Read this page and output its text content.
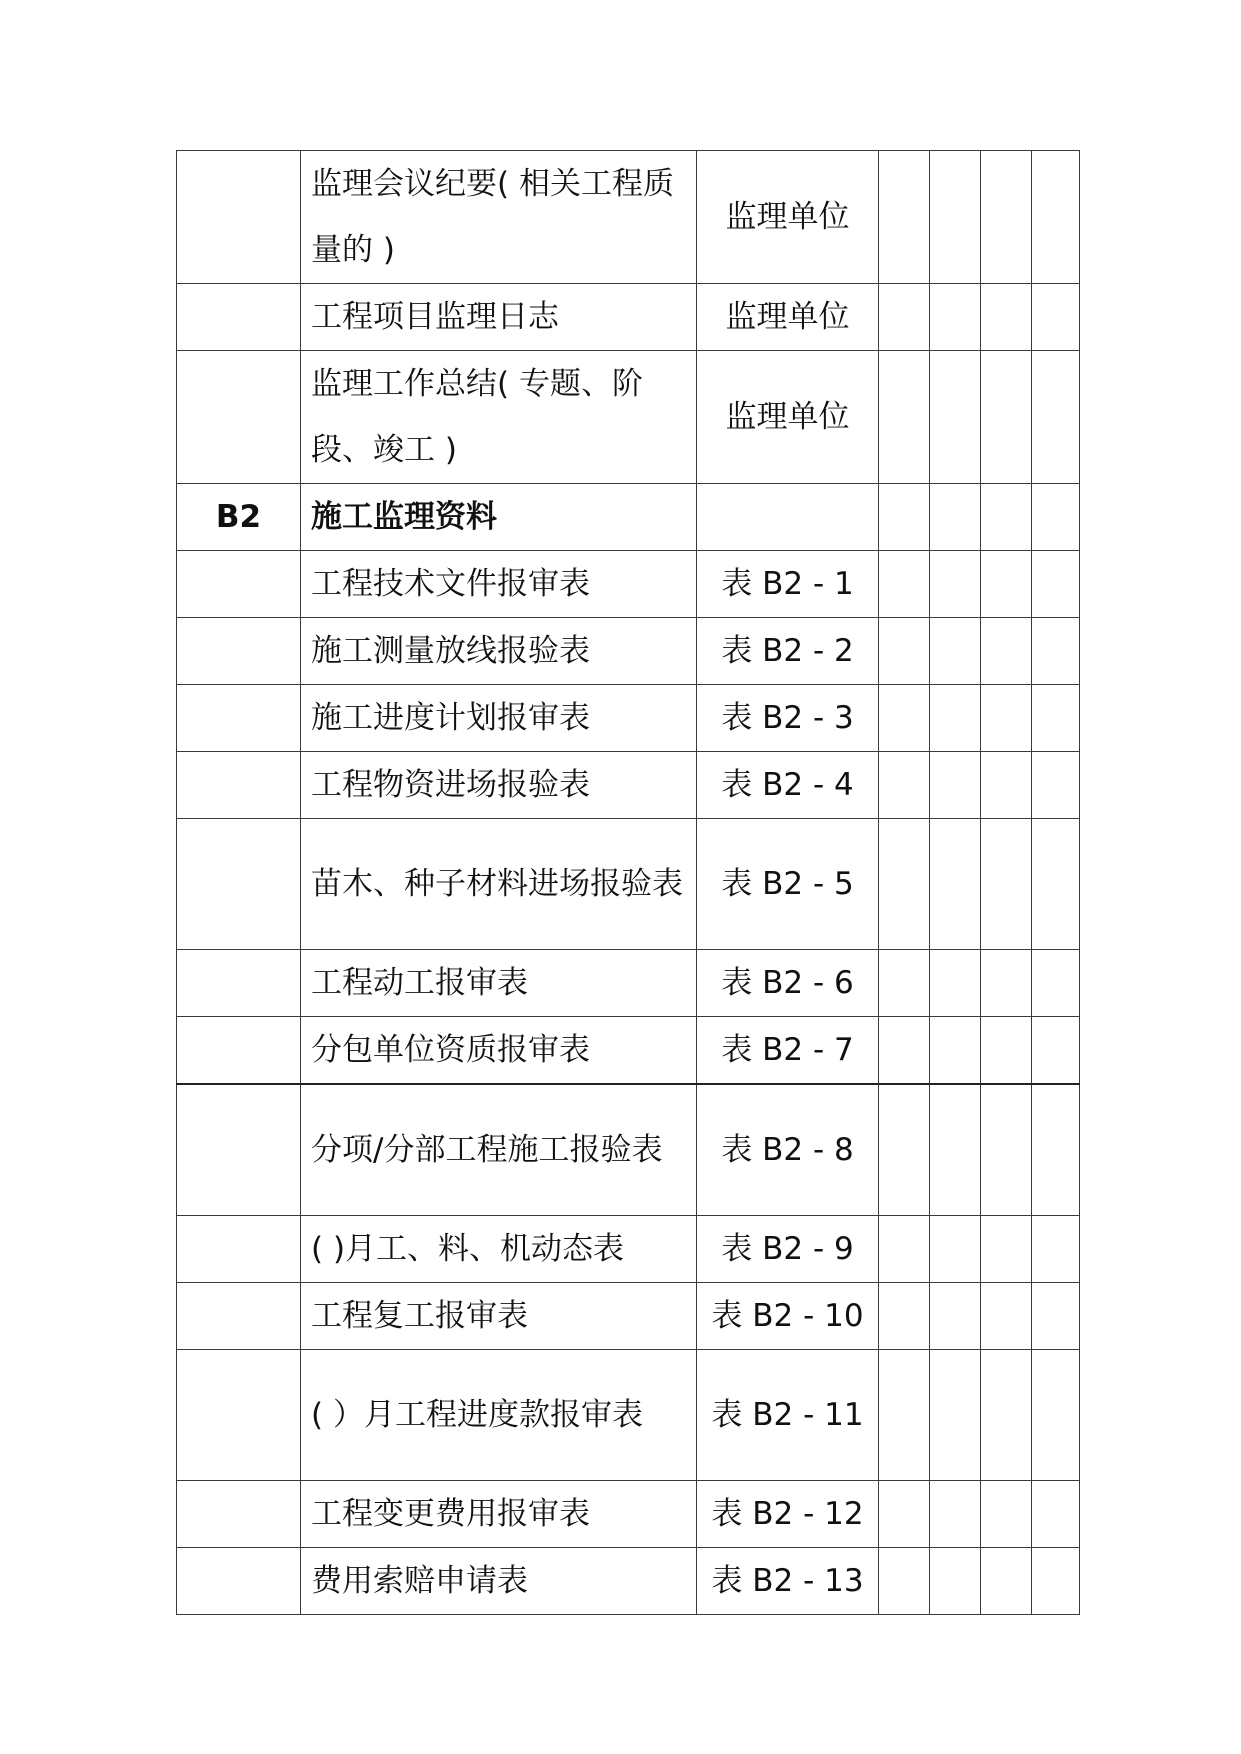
	监理会议纪要( 相关工程质量的 )	监理单位				
	工程项目监理日志	监理单位				
	监理工作总结( 专题、阶段、竣工 )	监理单位				
B2	施工监理资料					
	工程技术文件报审表	表 B2 - 1				
	施工测量放线报验表	表 B2 - 2				
	施工进度计划报审表	表 B2 - 3				
	工程物资进场报验表	表 B2 - 4				
	苗木、种子材料进场报验表	表 B2 - 5				
	工程动工报审表	表 B2 - 6				
	分包单位资质报审表	表 B2 - 7				
	分项/分部工程施工报验表	表 B2 - 8				
	( )月工、料、机动态表	表 B2 - 9				
	工程复工报审表	表 B2 - 10				
	( ）月工程进度款报审表	表 B2 - 11				
	工程变更费用报审表	表 B2 - 12				
	费用索赔申请表	表 B2 - 13				
